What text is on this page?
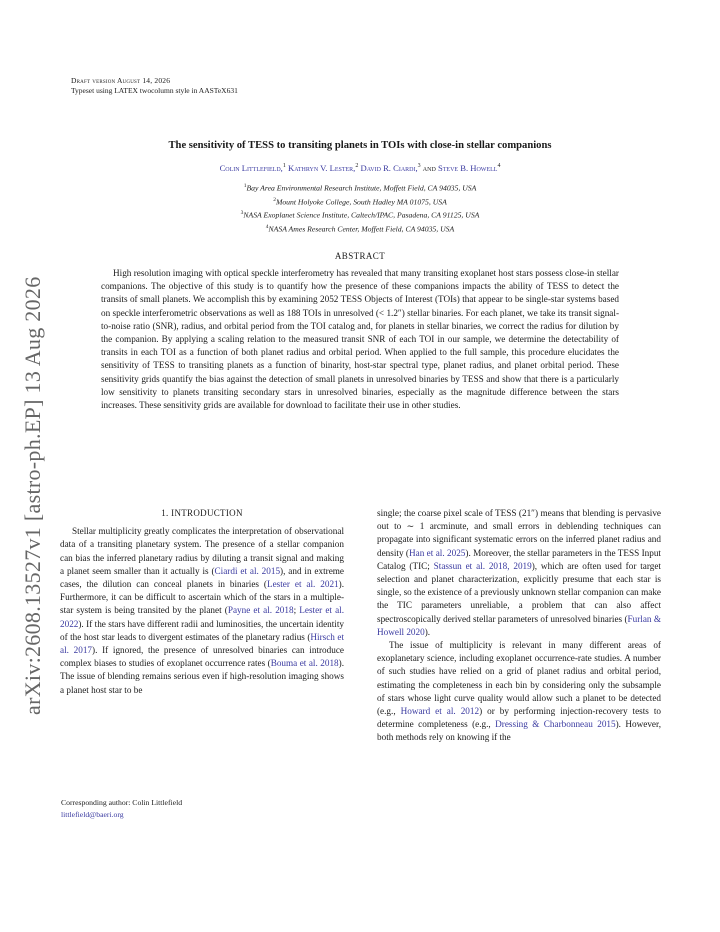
Draft version August 14, 2026
Typeset using LATEX twocolumn style in AASTeX631
The sensitivity of TESS to transiting planets in TOIs with close-in stellar companions
Colin Littlefield,$^1$ Kathryn V. Lester,$^2$ David R. Ciardi,$^3$ and Steve B. Howell$^4$
$^1$Bay Area Environmental Research Institute, Moffett Field, CA 94035, USA
$^2$Mount Holyoke College, South Hadley MA 01075, USA
$^3$NASA Exoplanet Science Institute, Caltech/IPAC, Pasadena, CA 91125, USA
$^4$NASA Ames Research Center, Moffett Field, CA 94035, USA
ABSTRACT
High resolution imaging with optical speckle interferometry has revealed that many transiting exoplanet host stars possess close-in stellar companions. The objective of this study is to quantify how the presence of these companions impacts the ability of TESS to detect the transits of small planets. We accomplish this by examining 2052 TESS Objects of Interest (TOIs) that appear to be single-star systems based on speckle interferometric observations as well as 188 TOIs in unresolved (< 1.2″) stellar binaries. For each planet, we take its transit signal-to-noise ratio (SNR), radius, and orbital period from the TOI catalog and, for planets in stellar binaries, we correct the radius for dilution by the companion. By applying a scaling relation to the measured transit SNR of each TOI in our sample, we determine the detectability of transits in each TOI as a function of both planet radius and orbital period. When applied to the full sample, this procedure elucidates the sensitivity of TESS to transiting planets as a function of binarity, host-star spectral type, planet radius, and planet orbital period. These sensitivity grids quantify the bias against the detection of small planets in unresolved binaries by TESS and show that there is a particularly low sensitivity to planets transiting secondary stars in unresolved binaries, especially as the magnitude difference between the stars increases. These sensitivity grids are available for download to facilitate their use in other studies.
arXiv:2608.13527v1 [astro-ph.EP] 13 Aug 2026	1. INTRODUCTION

Stellar multiplicity greatly complicates the interpretation of observational data of a transiting planetary system. The presence of a stellar companion can bias the inferred planetary radius by diluting a transit signal and making a planet seem smaller than it actually is (Ciardi et al. 2015), and in extreme cases, the dilution can conceal planets in binaries (Lester et al. 2021). Furthermore, it can be difficult to ascertain which of the stars in a multiple-star system is being transited by the planet (Payne et al. 2018; Lester et al. 2022). If the stars have different radii and luminosities, the uncertain identity of the host star leads to divergent estimates of the planetary radius (Hirsch et al. 2017). If ignored, the presence of unresolved binaries can introduce complex biases to studies of exoplanet occurrence rates (Bouma et al. 2018). The issue of blending remains serious even if high-resolution imaging shows a planet host star to be

Corresponding author: Colin Littlefield
littlefield@baeri.org

single; the coarse pixel scale of TESS (21″) means that blending is pervasive out to ∼ 1 arcminute, and small errors in deblending techniques can propagate into significant systematic errors on the inferred planet radius and density (Han et al. 2025). Moreover, the stellar parameters in the TESS Input Catalog (TIC; Stassun et al. 2018, 2019), which are often used for target selection and planet characterization, explicitly presume that each star is single, so the existence of a previously unknown stellar companion can make the TIC parameters unreliable, a problem that can also affect spectroscopically derived stellar parameters of unresolved binaries (Furlan & Howell 2020).

The issue of multiplicity is relevant in many different areas of exoplanetary science, including exoplanet occurrence-rate studies. A number of such studies have relied on a grid of planet radius and orbital period, estimating the completeness in each bin by considering only the subsample of stars whose light curve quality would allow such a planet to be detected (e.g., Howard et al. 2012) or by performing injection-recovery tests to determine completeness (e.g., Dressing & Charbonneau 2015). However, both methods rely on knowing if the
